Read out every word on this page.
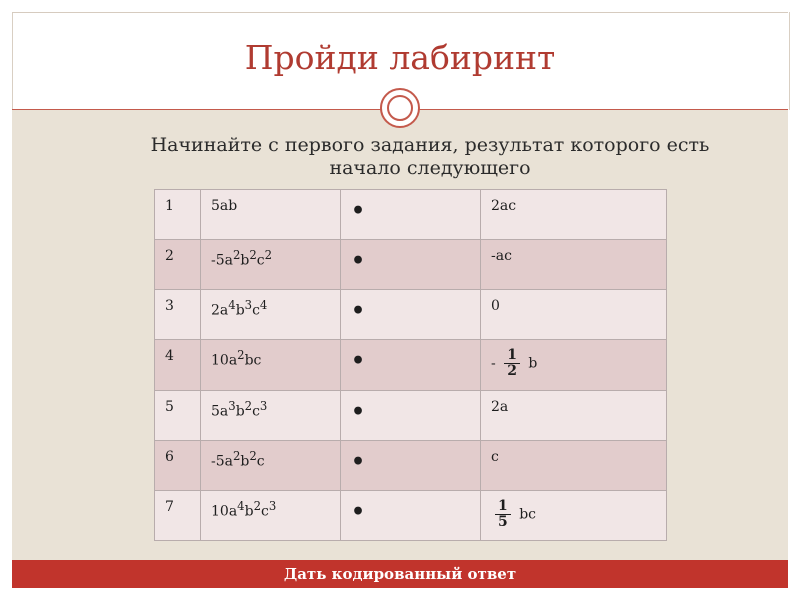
Пройди лабиринт
Начинайте с первого задания, результат которого есть
начало следующего
1	5ab	•	2ac
2	$-5a^2b^2c^2$	•	-ac
3	$2a^4b^3c^4$	•	0
4	$10a^2bc$	•	- $\frac{1}{2}$ b
5	$5a^3b^2c^3$	•	2a
6	$-5a^2b^2c$	•	c
7	$10a^4b^2c^3$	•	$\frac{1}{5}$ bc
Дать кодированный ответ
